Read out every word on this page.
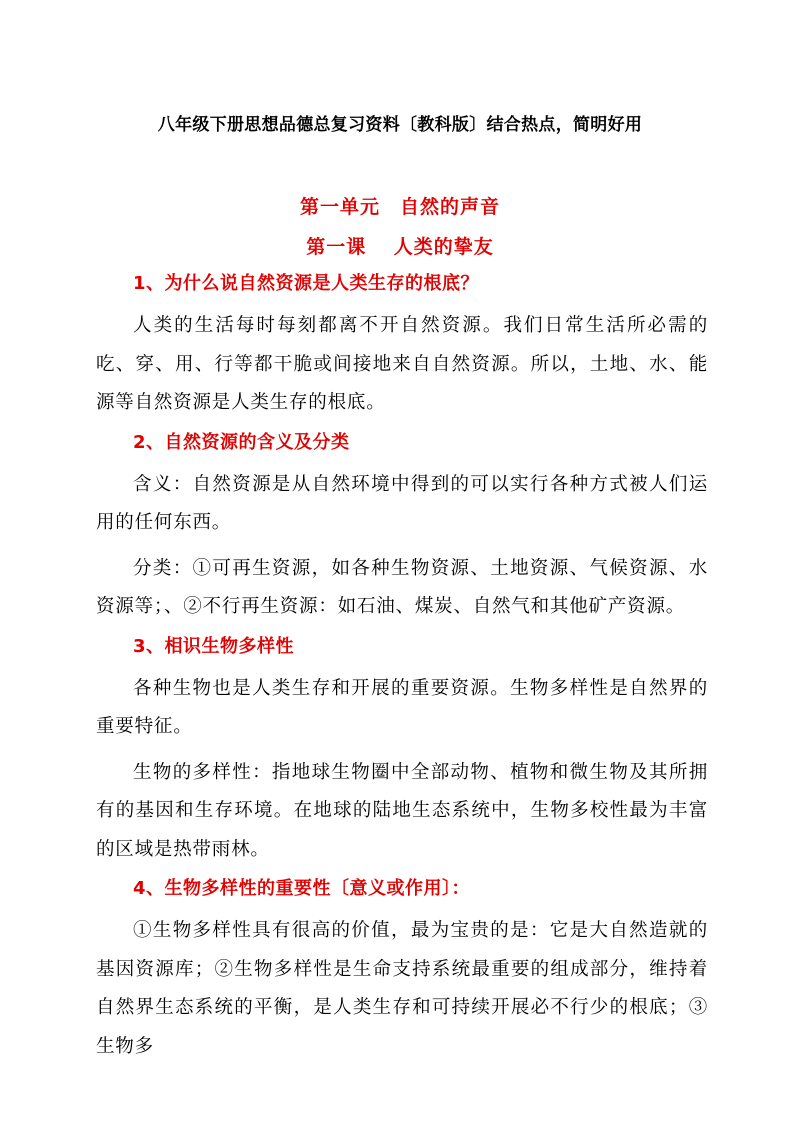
八年级下册思想品德总复习资料〔教科版〕结合热点，简明好用
第一单元　自然的声音
第一课　 人类的挚友
1、为什么说自然资源是人类生存的根底？

人类的生活每时每刻都离不开自然资源。我们日常生活所必需的吃、穿、用、行等都干脆或间接地来自自然资源。所以，土地、水、能源等自然资源是人类生存的根底。

2、自然资源的含义及分类

含义：自然资源是从自然环境中得到的可以实行各种方式被人们运用的任何东西。

分类：①可再生资源，如各种生物资源、土地资源、气候资源、水资源等；、②不行再生资源：如石油、煤炭、自然气和其他矿产资源。

3、相识生物多样性

各种生物也是人类生存和开展的重要资源。生物多样性是自然界的重要特征。

生物的多样性：指地球生物圈中全部动物、植物和微生物及其所拥有的基因和生存环境。在地球的陆地生态系统中，生物多校性最为丰富的区域是热带雨林。

4、生物多样性的重要性〔意义或作用〕：

①生物多样性具有很高的价值，最为宝贵的是：它是大自然造就的基因资源库；②生物多样性是生命支持系统最重要的组成部分，维持着自然界生态系统的平衡，是人类生存和可持续开展必不行少的根底；③生物多
